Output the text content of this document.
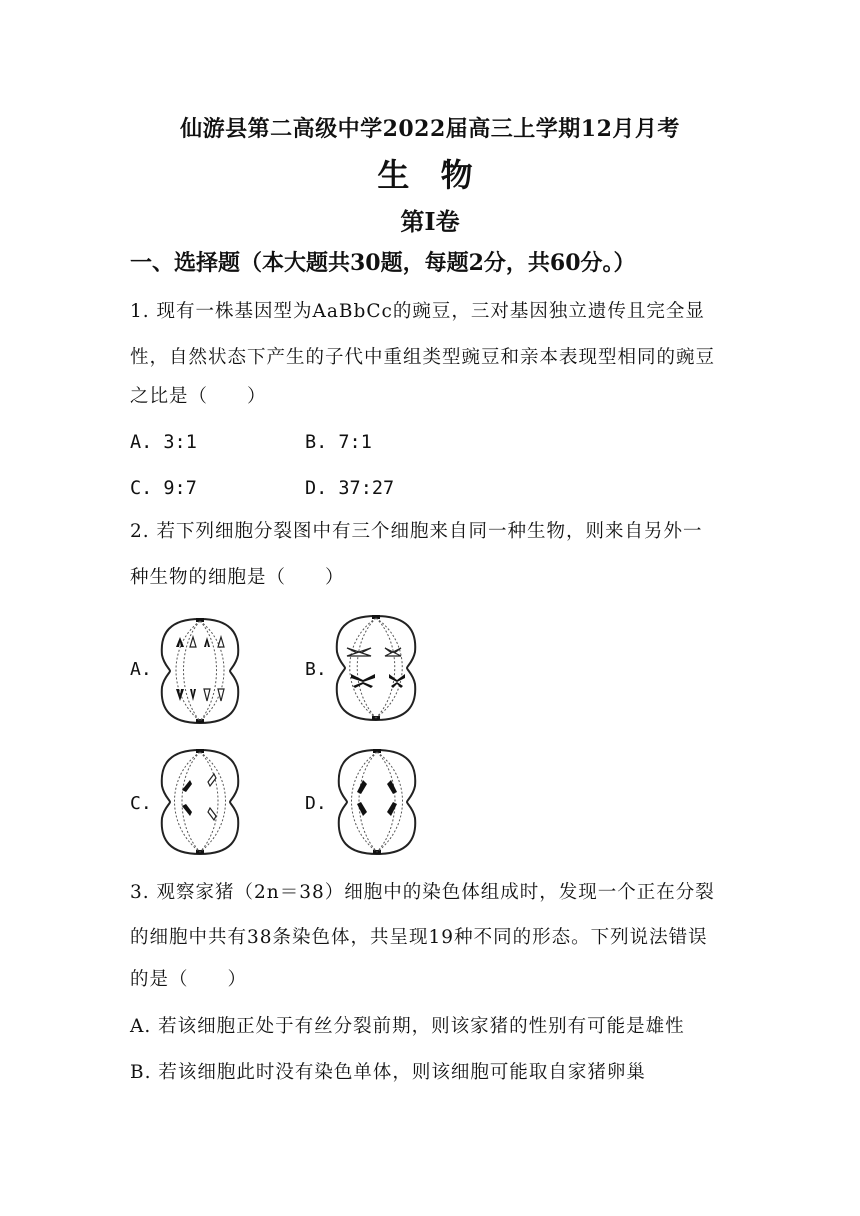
仙游县第二高级中学2022届高三上学期12月月考
生 物
第Ⅰ卷
一、选择题（本大题共30题，每题2分，共60分。）
1. 现有一株基因型为AaBbCc的豌豆，三对基因独立遗传且完全显
性，自然状态下产生的子代中重组类型豌豆和亲本表现型相同的豌豆
之比是（　　）
A. 3:1	B. 7:1
C. 9:7	D. 37:27
2. 若下列细胞分裂图中有三个细胞来自同一种生物，则来自另外一
种生物的细胞是（　　）
A.	B.
C.	D.
3. 观察家猪（2n＝38）细胞中的染色体组成时，发现一个正在分裂
的细胞中共有38条染色体，共呈现19种不同的形态。下列说法错误
的是（　　）
A. 若该细胞正处于有丝分裂前期，则该家猪的性别有可能是雄性
B. 若该细胞此时没有染色单体，则该细胞可能取自家猪卵巢
